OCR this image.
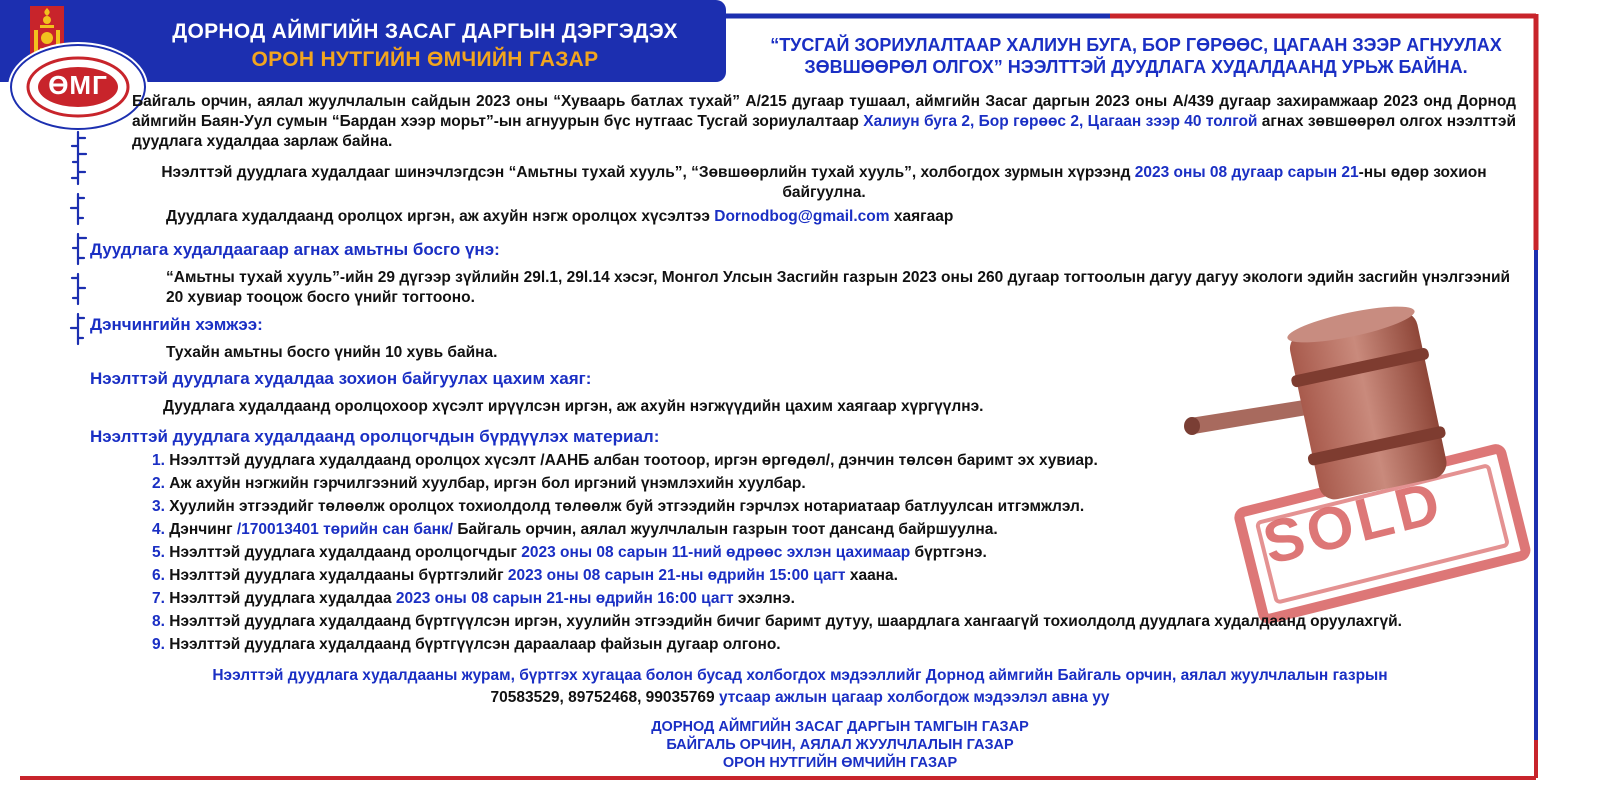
ДОРНОД АЙМГИЙН ЗАСАГ ДАРГЫН ДЭРГЭДЭХ
ОРОН НУТГИЙН ӨМЧИЙН ГАЗАР
ӨМГ
“ТУСГАЙ ЗОРИУЛАЛТААР ХАЛИУН БУГА, БОР ГӨРӨӨС, ЦАГААН ЗЭЭР АГНУУЛАХ
ЗӨВШӨӨРӨЛ ОЛГОХ” НЭЭЛТТЭЙ ДУУДЛАГА ХУДАЛДААНД УРЬЖ БАЙНА.
SOLD
Байгаль орчин, аялал жуулчлалын сайдын 2023 оны “Хуваарь батлах тухай” А/215 дугаар тушаал, аймгийн Засаг даргын 2023 оны А/439 дугаар захирамжаар 2023 онд Дорнод аймгийн Баян-Уул сумын “Бардан хээр морьт”-ын агнуурын бүс нутгаас Тусгай зориулалтаар Халиун буга 2, Бор гөрөөс 2, Цагаан зээр 40 толгой агнах зөвшөөрөл олгох нээлттэй дуудлага худалдаа зарлаж байна.
Нээлттэй дуудлага худалдааг шинэчлэгдсэн “Амьтны тухай хууль”, “Зөвшөөрлийн тухай хууль”, холбогдох зурмын хүрээнд 2023 оны 08 дугаар сарын 21-ны өдөр зохион байгуулна.
Дуудлага худалдаанд оролцох иргэн, аж ахуйн нэгж оролцох хүсэлтээ Dornodbog@gmail.com хаягаар
Дуудлага худалдаагаар агнах амьтны босго үнэ:
“Амьтны тухай хууль”-ийн 29 дүгээр зүйлийн 29l.1, 29l.14 хэсэг, Монгол Улсын Засгийн газрын 2023 оны 260 дугаар тогтоолын дагуу дагуу экологи эдийн засгийн үнэлгээний 20 хувиар тооцож босго үнийг тогтооно.
Дэнчингийн хэмжээ:
Тухайн амьтны босго үнийн 10 хувь байна.
Нээлттэй дуудлага худалдаа зохион байгуулах цахим хаяг:
Дуудлага худалдаанд оролцохоор хүсэлт ирүүлсэн иргэн, аж ахуйн нэгжүүдийн цахим хаягаар хүргүүлнэ.
Нээлттэй дуудлага худалдаанд оролцогчдын бүрдүүлэх материал:
1. Нээлттэй дуудлага худалдаанд оролцох хүсэлт /ААНБ албан тоотоор, иргэн өргөдөл/, дэнчин төлсөн баримт эх хувиар.
2. Аж ахуйн нэгжийн гэрчилгээний хуулбар, иргэн бол иргэний үнэмлэхийн хуулбар.
3. Хуулийн этгээдийг төлөөлж оролцох тохиолдолд төлөөлж буй этгээдийн гэрчлэх нотариатаар батлуулсан итгэмжлэл.
4. Дэнчинг /170013401 төрийн сан банк/ Байгаль орчин, аялал жуулчлалын газрын тоот дансанд байршуулна.
5. Нээлттэй дуудлага худалдаанд оролцогчдыг 2023 оны 08 сарын 11-ний өдрөөс эхлэн цахимаар бүртгэнэ.
6. Нээлттэй дуудлага худалдааны бүртгэлийг 2023 оны 08 сарын 21-ны өдрийн 15:00 цагт хаана.
7. Нээлттэй дуудлага худалдаа 2023 оны 08 сарын 21-ны өдрийн 16:00 цагт эхэлнэ.
8. Нээлттэй дуудлага худалдаанд бүртгүүлсэн иргэн, хуулийн этгээдийн бичиг баримт дутуу, шаардлага хангаагүй тохиолдолд дуудлага худалдаанд оруулахгүй.
9. Нээлттэй дуудлага худалдаанд бүртгүүлсэн дараалаар файзын дугаар олгоно.
Нээлттэй дуудлага худалдааны журам, бүртгэх хугацаа болон бусад холбогдох мэдээллийг Дорнод аймгийн Байгаль орчин, аялал жуулчлалын газрын 70583529, 89752468, 99035769 утсаар ажлын цагаар холбогдож мэдээлэл авна уу
ДОРНОД АЙМГИЙН ЗАСАГ ДАРГЫН ТАМГЫН ГАЗАР
БАЙГАЛЬ ОРЧИН, АЯЛАЛ ЖУУЛЧЛАЛЫН ГАЗАР
ОРОН НУТГИЙН ӨМЧИЙН ГАЗАР
